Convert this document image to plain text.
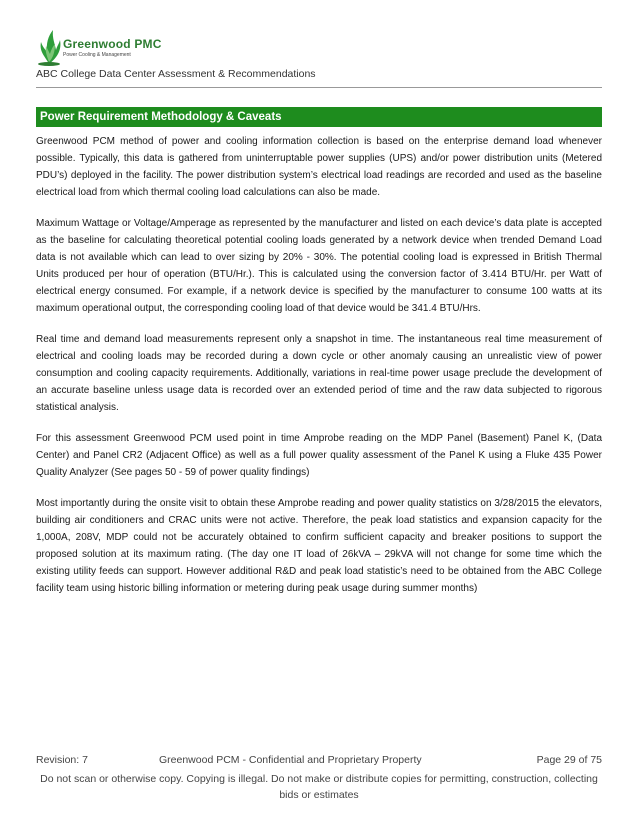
Greenwood PMC
Power Cooling & Management
ABC College Data Center Assessment & Recommendations
Power Requirement Methodology & Caveats

Greenwood PCM method of power and cooling information collection is based on the enterprise demand load whenever possible. Typically, this data is gathered from uninterruptable power supplies (UPS) and/or power distribution units (Metered PDU’s) deployed in the facility. The power distribution system’s electrical load readings are recorded and used as the baseline electrical load from which thermal cooling load calculations can also be made.

Maximum Wattage or Voltage/Amperage as represented by the manufacturer and listed on each device’s data plate is accepted as the baseline for calculating theoretical potential cooling loads generated by a network device when trended Demand Load data is not available which can lead to over sizing by 20% - 30%. The potential cooling load is expressed in British Thermal Units produced per hour of operation (BTU/Hr.). This is calculated using the conversion factor of 3.414 BTU/Hr. per Watt of electrical energy consumed. For example, if a network device is specified by the manufacturer to consume 100 watts at its maximum operational output, the corresponding cooling load of that device would be 341.4 BTU/Hrs.

Real time and demand load measurements represent only a snapshot in time. The instantaneous real time measurement of electrical and cooling loads may be recorded during a down cycle or other anomaly causing an unrealistic view of power consumption and cooling capacity requirements. Additionally, variations in real-time power usage preclude the development of an accurate baseline unless usage data is recorded over an extended period of time and the raw data subjected to rigorous statistical analysis.

For this assessment Greenwood PCM used point in time Amprobe reading on the MDP Panel (Basement) Panel K, (Data Center) and Panel CR2 (Adjacent Office) as well as a full power quality assessment of the Panel K using a Fluke 435 Power Quality Analyzer (See pages 50 - 59 of power quality findings)

Most importantly during the onsite visit to obtain these Amprobe reading and power quality statistics on 3/28/2015 the elevators, building air conditioners and CRAC units were not active. Therefore, the peak load statistics and expansion capacity for the 1,000A, 208V, MDP could not be accurately obtained to confirm sufficient capacity and breaker positions to support the proposed solution at its maximum rating. (The day one IT load of 26kVA – 29kVA will not change for some time which the existing utility feeds can support. However additional R&D and peak load statistic’s need to be obtained from the ABC College facility team using historic billing information or metering during peak usage during summer months)

Revision: 7	Greenwood PCM - Confidential and Proprietary Property	Page 29 of 75
Do not scan or otherwise copy. Copying is illegal. Do not make or distribute copies for permitting, construction, collecting bids or estimates
